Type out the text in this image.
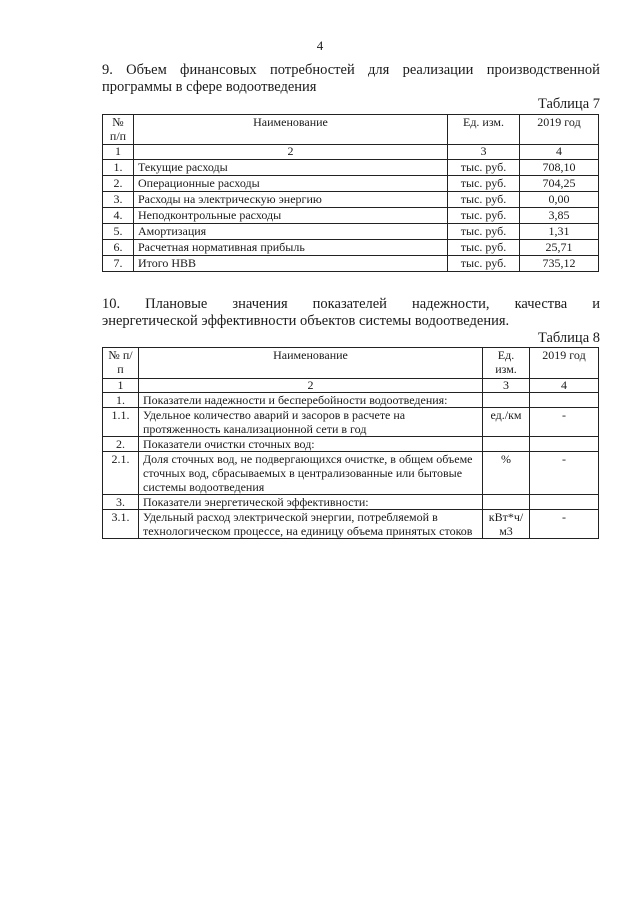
4
9. Объем финансовых потребностей для реализации производственной
программы в сфере водоотведения
Таблица 7
№ п/п	Наименование	Ед. изм.	2019 год
1	2	3	4
1.	Текущие расходы	тыс. руб.	708,10
2.	Операционные расходы	тыс. руб.	704,25
3.	Расходы на электрическую энергию	тыс. руб.	0,00
4.	Неподконтрольные расходы	тыс. руб.	3,85
5.	Амортизация	тыс. руб.	1,31
6.	Расчетная нормативная прибыль	тыс. руб.	25,71
7.	Итого НВВ	тыс. руб.	735,12
10. Плановые значения показателей надежности, качества и
энергетической эффективности объектов системы водоотведения.
Таблица 8
№ п/п	Наименование	Ед. изм.	2019 год
1	2	3	4
1.	Показатели надежности и бесперебойности водоотведения:		
1.1.	Удельное количество аварий и засоров в расчете на протяженность канализационной сети в год	ед./км	-
2.	Показатели очистки сточных вод:		
2.1.	Доля сточных вод, не подвергающихся очистке, в общем объеме сточных вод, сбрасываемых в централизованные или бытовые системы водоотведения	%	-
3.	Показатели энергетической эффективности:		
3.1.	Удельный расход электрической энергии, потребляемой в технологическом процессе, на единицу объема принятых стоков	кВт*ч/м3	-
